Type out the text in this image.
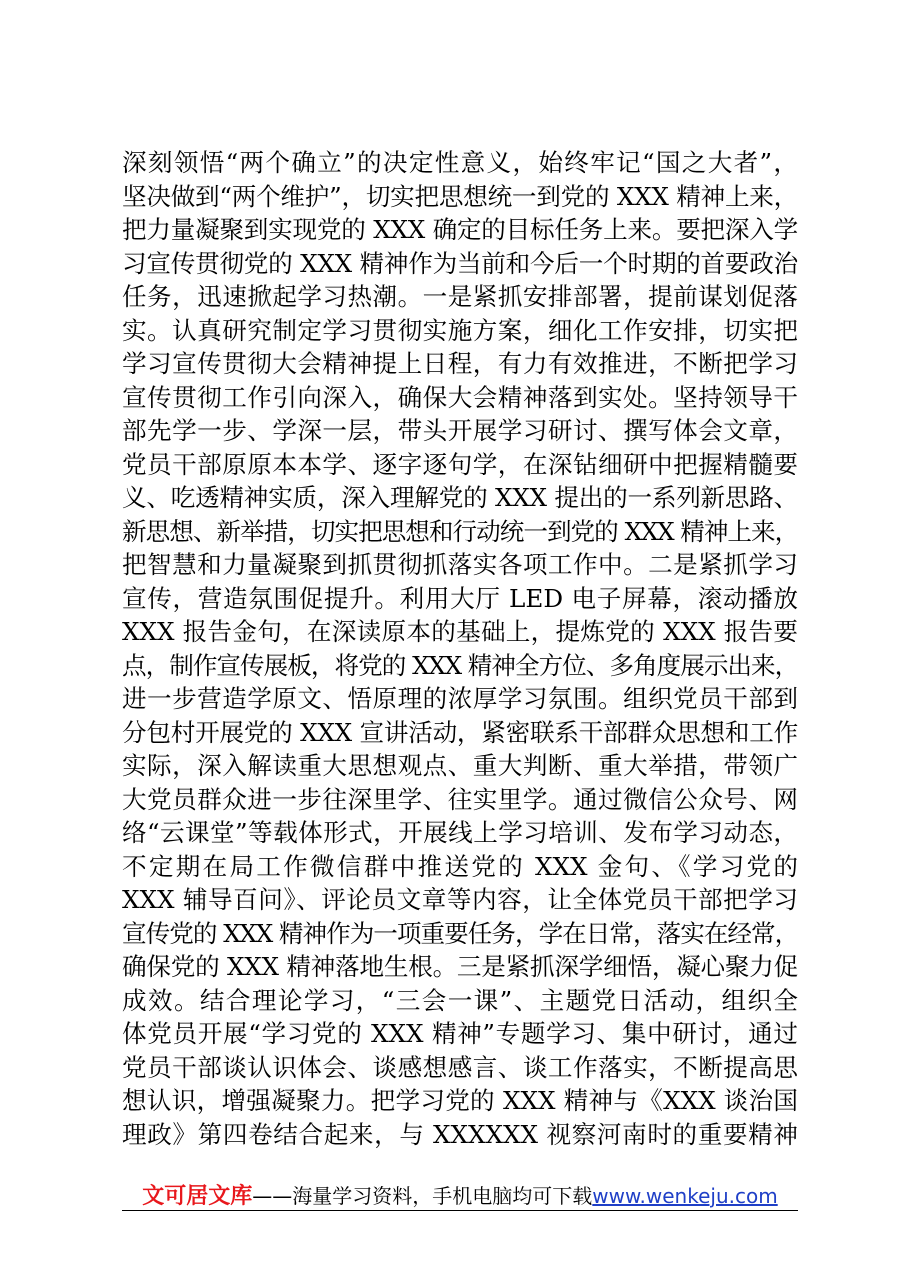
深刻领悟“两个确立”的决定性意义，始终牢记“国之大者”，
坚决做到“两个维护”，切实把思想统一到党的 XXX 精神上来，
把力量凝聚到实现党的 XXX 确定的目标任务上来。要把深入学
习宣传贯彻党的 XXX 精神作为当前和今后一个时期的首要政治
任务，迅速掀起学习热潮。一是紧抓安排部署，提前谋划促落
实。认真研究制定学习贯彻实施方案，细化工作安排，切实把
学习宣传贯彻大会精神提上日程，有力有效推进，不断把学习
宣传贯彻工作引向深入，确保大会精神落到实处。坚持领导干
部先学一步、学深一层，带头开展学习研讨、撰写体会文章，
党员干部原原本本学、逐字逐句学，在深钻细研中把握精髓要
义、吃透精神实质，深入理解党的 XXX 提出的一系列新思路、
新思想、新举措，切实把思想和行动统一到党的 XXX 精神上来，
把智慧和力量凝聚到抓贯彻抓落实各项工作中。二是紧抓学习
宣传，营造氛围促提升。利用大厅 LED 电子屏幕，滚动播放
XXX 报告金句，在深读原本的基础上，提炼党的 XXX 报告要
点，制作宣传展板，将党的 XXX 精神全方位、多角度展示出来，
进一步营造学原文、悟原理的浓厚学习氛围。组织党员干部到
分包村开展党的 XXX 宣讲活动，紧密联系干部群众思想和工作
实际，深入解读重大思想观点、重大判断、重大举措，带领广
大党员群众进一步往深里学、往实里学。通过微信公众号、网
络“云课堂”等载体形式，开展线上学习培训、发布学习动态，
不定期在局工作微信群中推送党的 XXX 金句、《学习党的
XXX 辅导百问》、评论员文章等内容，让全体党员干部把学习
宣传党的 XXX 精神作为一项重要任务，学在日常，落实在经常，
确保党的 XXX 精神落地生根。三是紧抓深学细悟，凝心聚力促
成效。结合理论学习，“三会一课”、主题党日活动，组织全
体党员开展“学习党的 XXX 精神”专题学习、集中研讨，通过
党员干部谈认识体会、谈感想感言、谈工作落实，不断提高思
想认识，增强凝聚力。把学习党的 XXX 精神与《XXX 谈治国
理政》第四卷结合起来，与 XXXXXX 视察河南时的重要精神
文可居文库——海量学习资料，手机电脑均可下载www.wenkeju.com
